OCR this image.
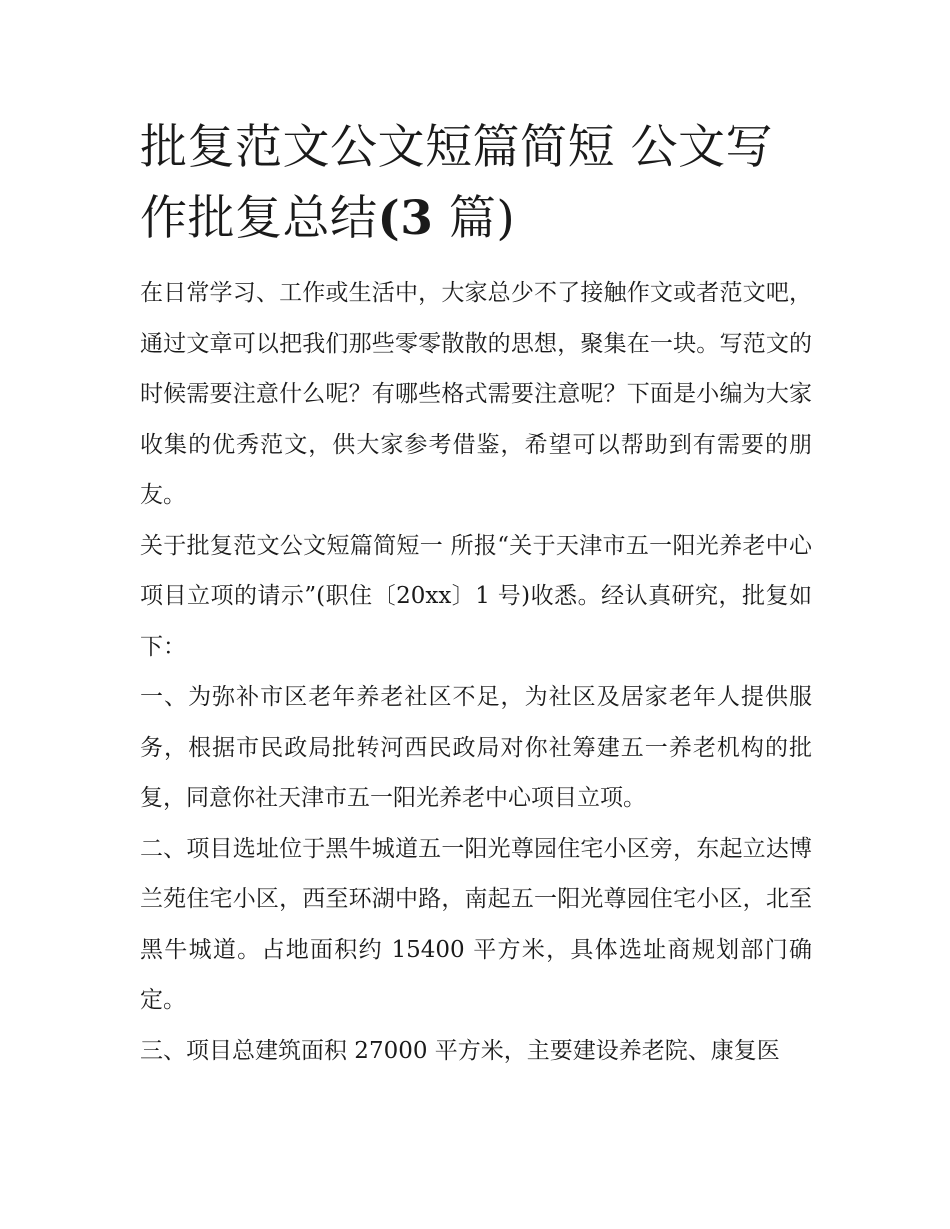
批复范文公文短篇简短 公文写
作批复总结(3 篇)

在日常学习、工作或生活中，大家总少不了接触作文或者范文吧，通过文章可以把我们那些零零散散的思想，聚集在一块。写范文的时候需要注意什么呢？有哪些格式需要注意呢？下面是小编为大家收集的优秀范文，供大家参考借鉴，希望可以帮助到有需要的朋友。

关于批复范文公文短篇简短一 所报“关于天津市五一阳光养老中心项目立项的请示”(职住〔20xx〕1 号)收悉。经认真研究，批复如下：

一、为弥补市区老年养老社区不足，为社区及居家老年人提供服务，根据市民政局批转河西民政局对你社筹建五一养老机构的批复，同意你社天津市五一阳光养老中心项目立项。

二、项目选址位于黑牛城道五一阳光尊园住宅小区旁，东起立达博兰苑住宅小区，西至环湖中路，南起五一阳光尊园住宅小区，北至黑牛城道。占地面积约 15400 平方米，具体选址商规划部门确定。

三、项目总建筑面积 27000 平方米，主要建设养老院、康复医
